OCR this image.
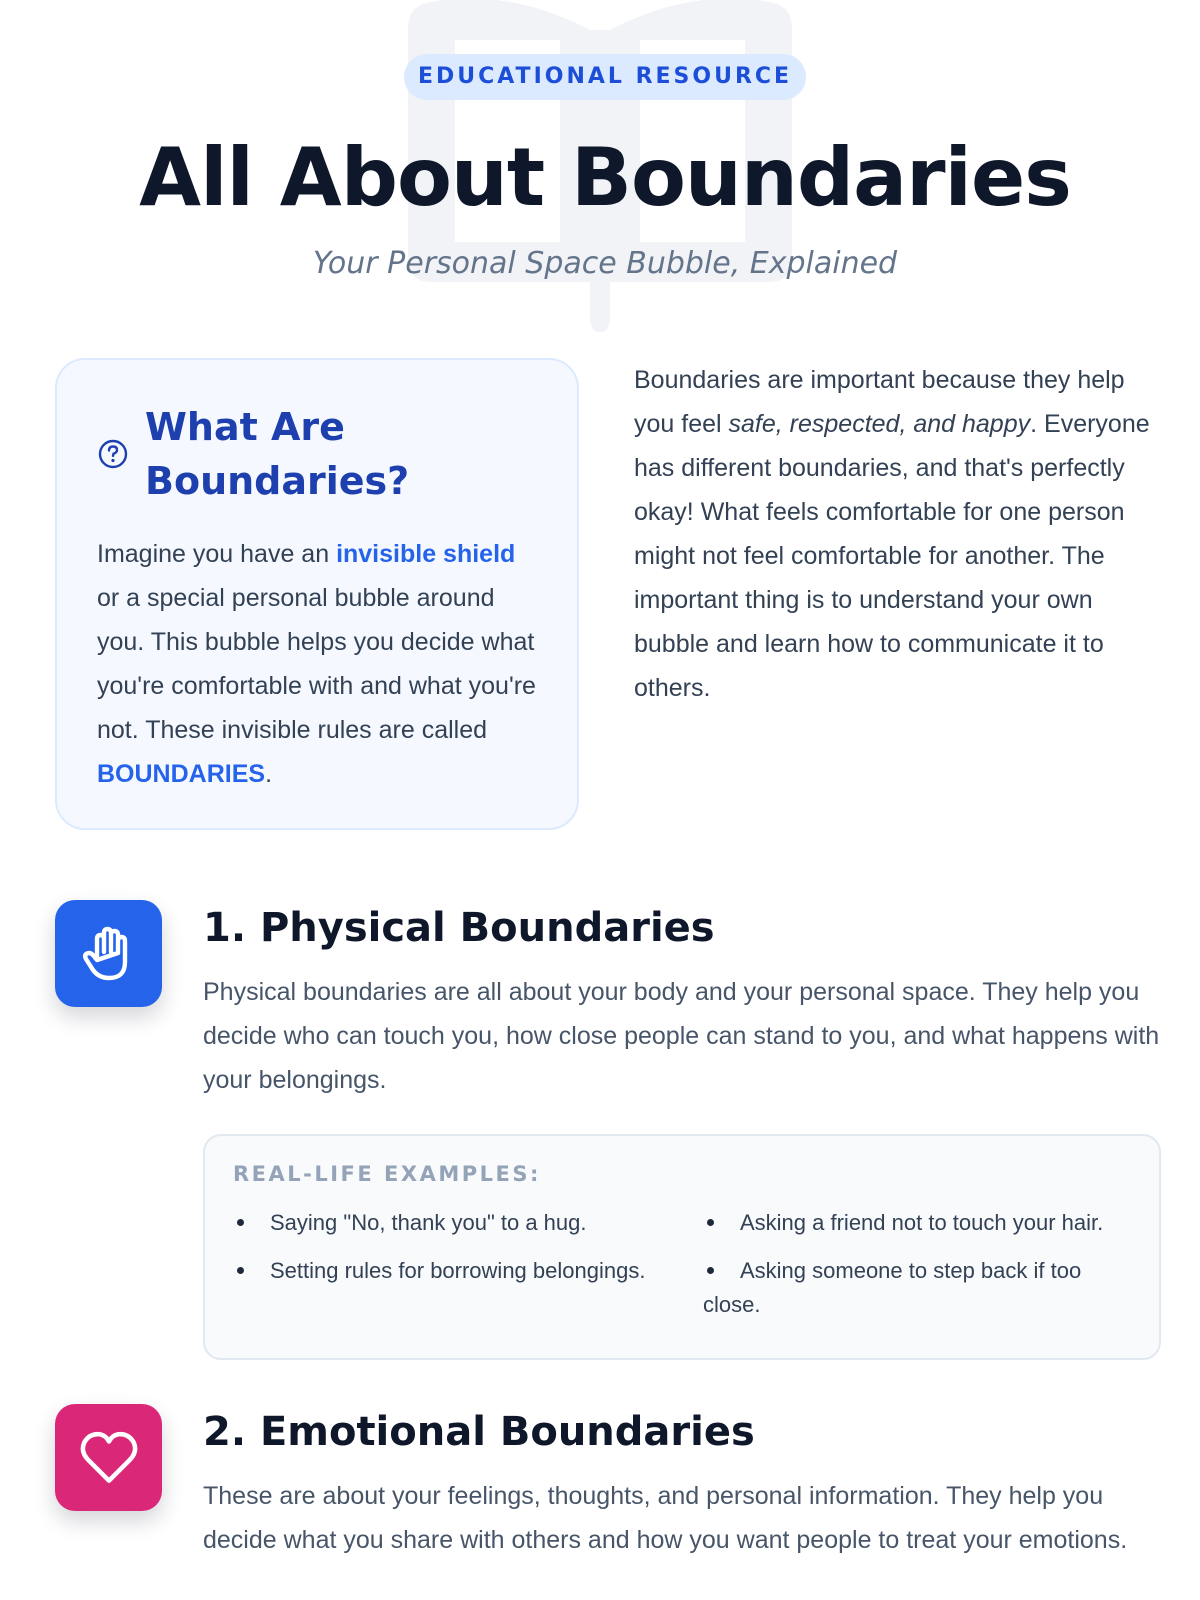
EDUCATIONAL RESOURCE
All About Boundaries
Your Personal Space Bubble, Explained
What Are Boundaries?

Imagine you have an invisible shield or a special personal bubble around you. This bubble helps you decide what you're comfortable with and what you're not. These invisible rules are called BOUNDARIES.

Boundaries are important because they help you feel safe, respected, and happy. Everyone has different boundaries, and that's perfectly okay! What feels comfortable for one person might not feel comfortable for another. The important thing is to understand your own bubble and learn how to communicate it to others.

1. Physical Boundaries

Physical boundaries are all about your body and your personal space. They help you decide who can touch you, how close people can stand to you, and what happens with your belongings.

REAL-LIFE EXAMPLES:
Saying "No, thank you" to a hug.	Asking a friend not to touch your hair.
Setting rules for borrowing belongings.	Asking someone to step back if too close.
2. Emotional Boundaries

These are about your feelings, thoughts, and personal information. They help you decide what you share with others and how you want people to treat your emotions.
